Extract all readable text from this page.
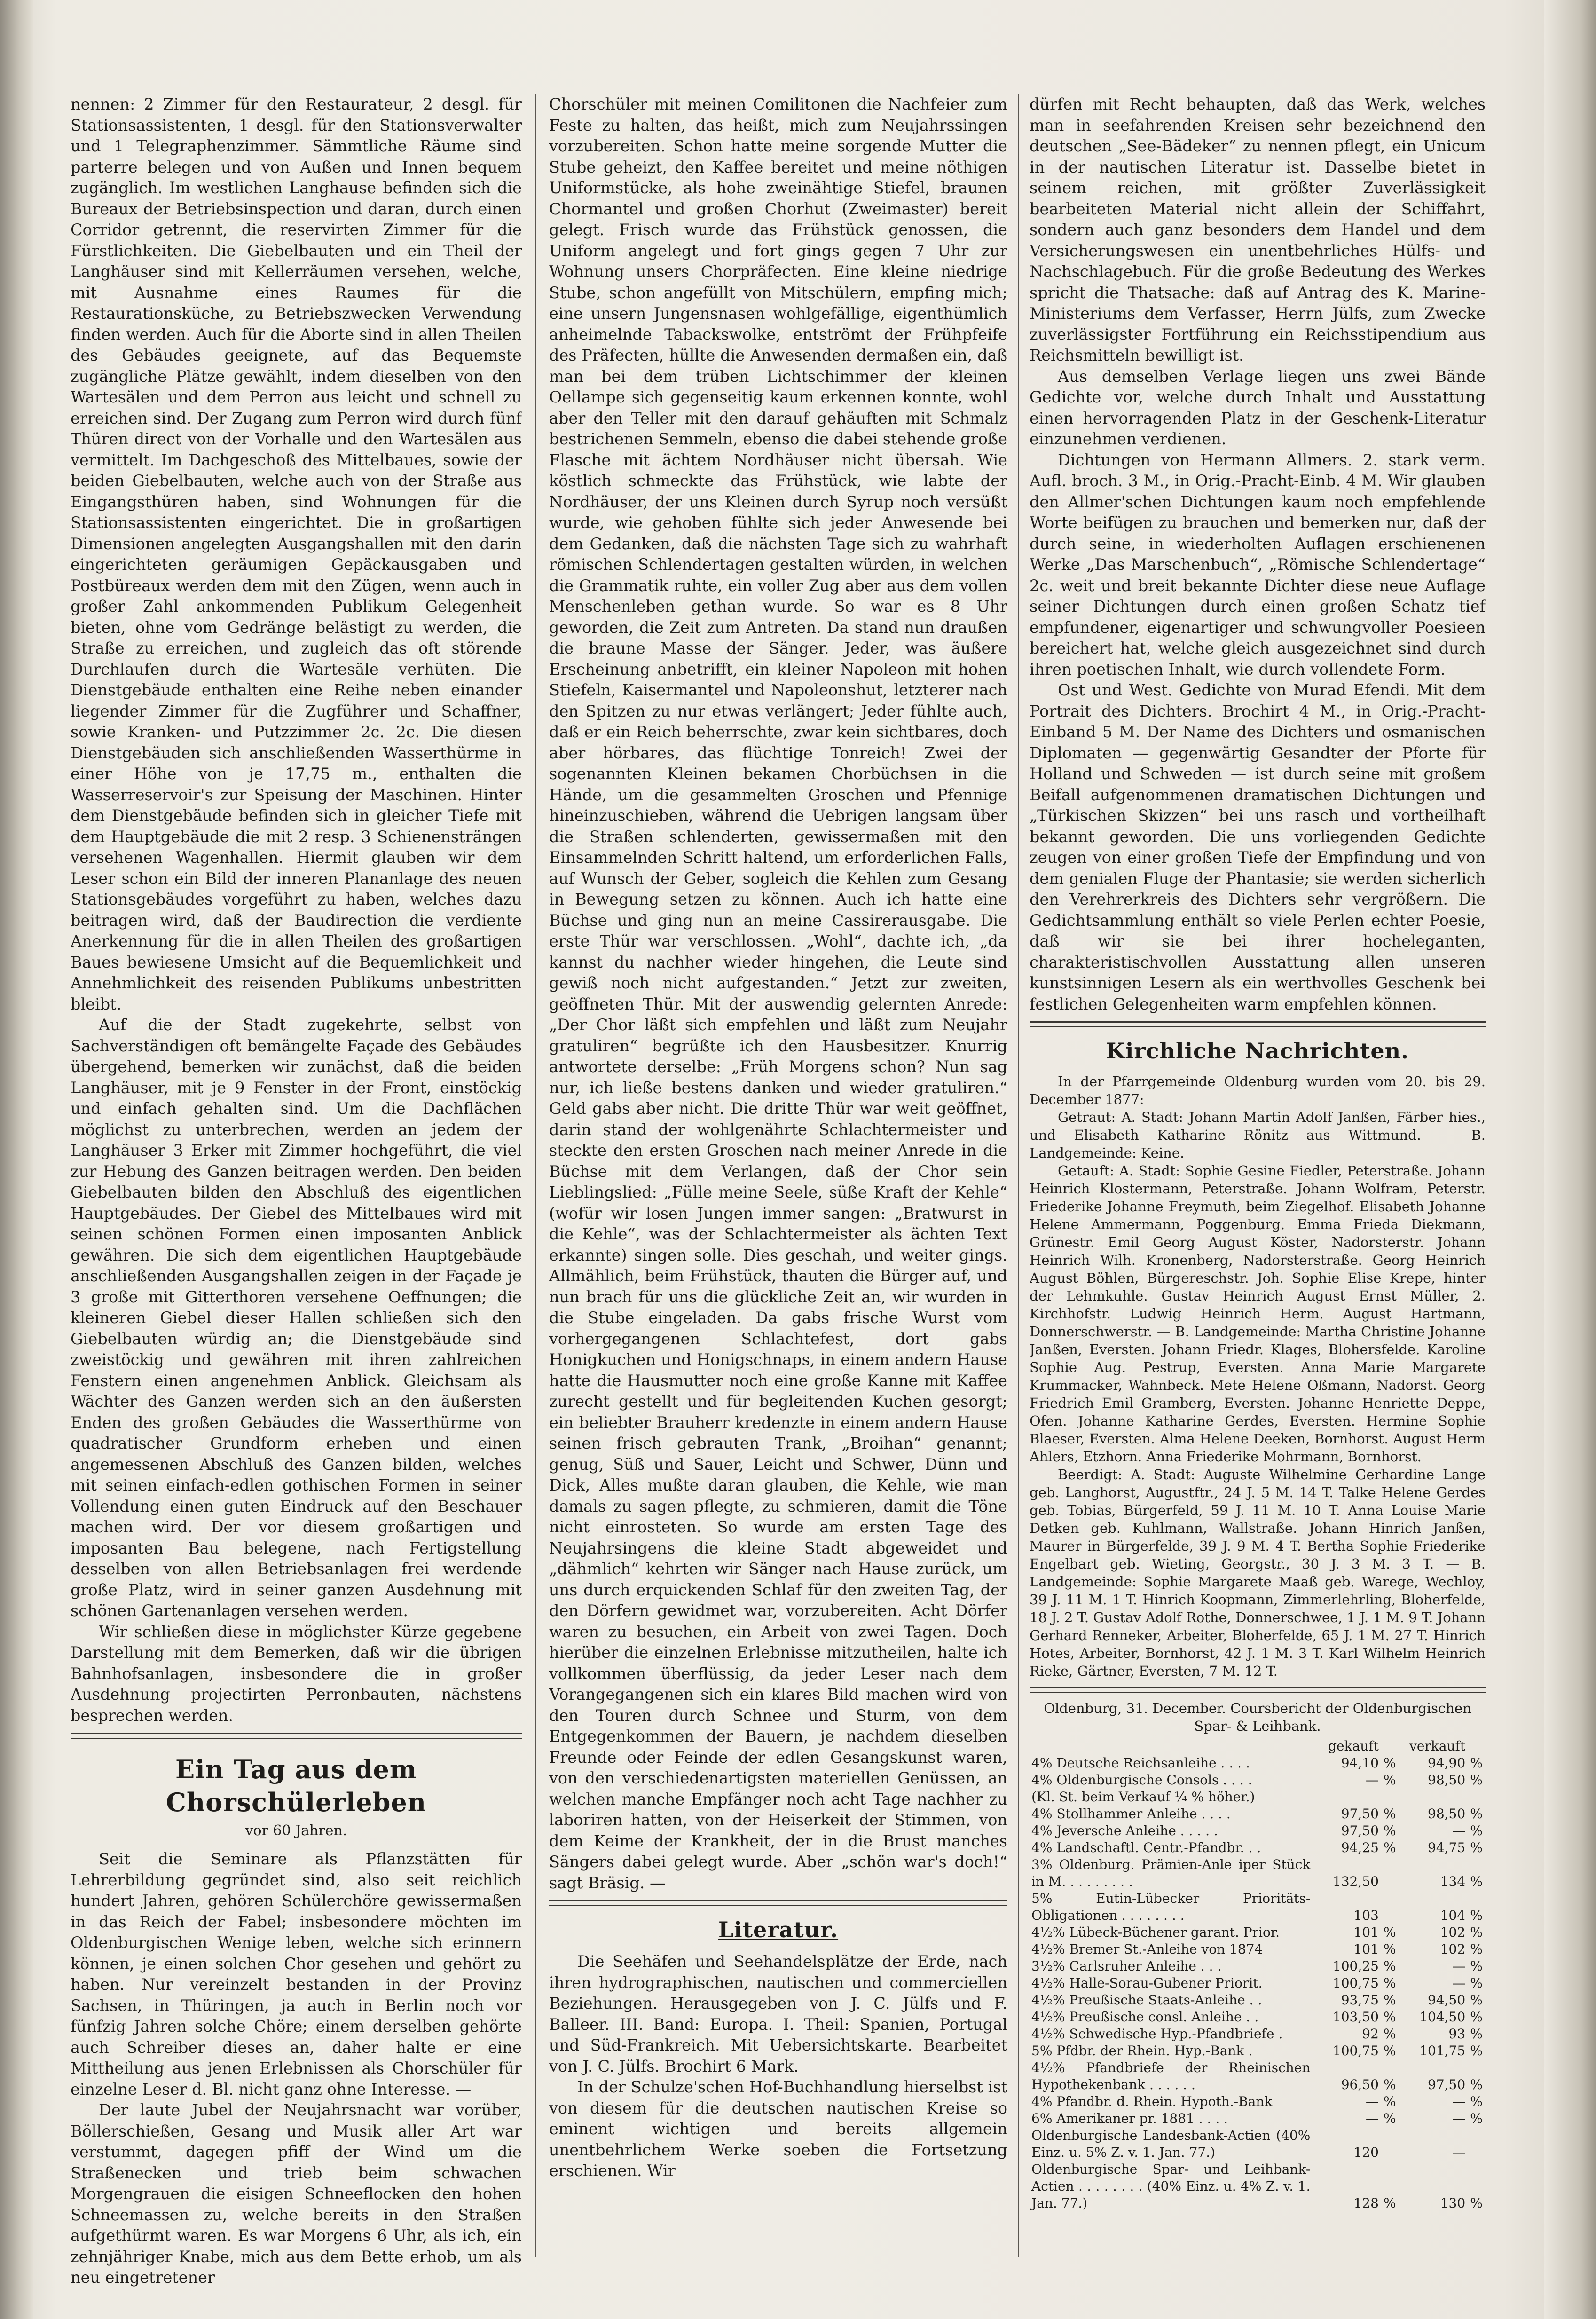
nennen: 2 Zimmer für den Restaurateur, 2 desgl. für Stationsassistenten, 1 desgl. für den Stationsverwalter und 1 Telegraphenzimmer. Sämmtliche Räume sind parterre belegen und von Außen und Innen bequem zugänglich. Im westlichen Langhause befinden sich die Bureaux der Betriebsinspection und daran, durch einen Corridor getrennt, die reservirten Zimmer für die Fürstlichkeiten. Die Giebelbauten und ein Theil der Langhäuser sind mit Kellerräumen versehen, welche, mit Ausnahme eines Raumes für die Restaurationsküche, zu Betriebszwecken Verwendung finden werden. Auch für die Aborte sind in allen Theilen des Gebäudes geeignete, auf das Bequemste zugängliche Plätze gewählt, indem dieselben von den Wartesälen und dem Perron aus leicht und schnell zu erreichen sind. Der Zugang zum Perron wird durch fünf Thüren direct von der Vorhalle und den Wartesälen aus vermittelt. Im Dachgeschoß des Mittelbaues, sowie der beiden Giebelbauten, welche auch von der Straße aus Eingangsthüren haben, sind Wohnungen für die Stationsassistenten eingerichtet. Die in großartigen Dimensionen angelegten Ausgangshallen mit den darin eingerichteten geräumigen Gepäckausgaben und Postbüreaux werden dem mit den Zügen, wenn auch in großer Zahl ankommenden Publikum Gelegenheit bieten, ohne vom Gedränge belästigt zu werden, die Straße zu erreichen, und zugleich das oft störende Durchlaufen durch die Wartesäle verhüten. Die Dienstgebäude enthalten eine Reihe neben einander liegender Zimmer für die Zugführer und Schaffner, sowie Kranken- und Putzzimmer 2c. 2c. Die diesen Dienstgebäuden sich anschließenden Wasserthürme in einer Höhe von je 17,75 m., enthalten die Wasserreservoir's zur Speisung der Maschinen. Hinter dem Dienstgebäude befinden sich in gleicher Tiefe mit dem Hauptgebäude die mit 2 resp. 3 Schienensträngen versehenen Wagenhallen. Hiermit glauben wir dem Leser schon ein Bild der inneren Plananlage des neuen Stationsgebäudes vorgeführt zu haben, welches dazu beitragen wird, daß der Baudirection die verdiente Anerkennung für die in allen Theilen des großartigen Baues bewiesene Umsicht auf die Bequemlichkeit und Annehmlichkeit des reisenden Publikums unbestritten bleibt.

Auf die der Stadt zugekehrte, selbst von Sachverständigen oft bemängelte Façade des Gebäudes übergehend, bemerken wir zunächst, daß die beiden Langhäuser, mit je 9 Fenster in der Front, einstöckig und einfach gehalten sind. Um die Dachflächen möglichst zu unterbrechen, werden an jedem der Langhäuser 3 Erker mit Zimmer hochgeführt, die viel zur Hebung des Ganzen beitragen werden. Den beiden Giebelbauten bilden den Abschluß des eigentlichen Hauptgebäudes. Der Giebel des Mittelbaues wird mit seinen schönen Formen einen imposanten Anblick gewähren. Die sich dem eigentlichen Hauptgebäude anschließenden Ausgangshallen zeigen in der Façade je 3 große mit Gitterthoren versehene Oeffnungen; die kleineren Giebel dieser Hallen schließen sich den Giebelbauten würdig an; die Dienstgebäude sind zweistöckig und gewähren mit ihren zahlreichen Fenstern einen angenehmen Anblick. Gleichsam als Wächter des Ganzen werden sich an den äußersten Enden des großen Gebäudes die Wasserthürme von quadratischer Grundform erheben und einen angemessenen Abschluß des Ganzen bilden, welches mit seinen einfach-edlen gothischen Formen in seiner Vollendung einen guten Eindruck auf den Beschauer machen wird. Der vor diesem großartigen und imposanten Bau belegene, nach Fertigstellung desselben von allen Betriebsanlagen frei werdende große Platz, wird in seiner ganzen Ausdehnung mit schönen Gartenanlagen versehen werden.

Wir schließen diese in möglichster Kürze gegebene Darstellung mit dem Bemerken, daß wir die übrigen Bahnhofsanlagen, insbesondere die in großer Ausdehnung projectirten Perronbauten, nächstens besprechen werden.

Ein Tag aus dem Chorschülerleben
vor 60 Jahren.

Seit die Seminare als Pflanzstätten für Lehrerbildung gegründet sind, also seit reichlich hundert Jahren, gehören Schülerchöre gewissermaßen in das Reich der Fabel; insbesondere möchten im Oldenburgischen Wenige leben, welche sich erinnern können, je einen solchen Chor gesehen und gehört zu haben. Nur vereinzelt bestanden in der Provinz Sachsen, in Thüringen, ja auch in Berlin noch vor fünfzig Jahren solche Chöre; einem derselben gehörte auch Schreiber dieses an, daher halte er eine Mittheilung aus jenen Erlebnissen als Chorschüler für einzelne Leser d. Bl. nicht ganz ohne Interesse. —

Der laute Jubel der Neujahrsnacht war vorüber, Böllerschießen, Gesang und Musik aller Art war verstummt, dagegen pfiff der Wind um die Straßenecken und trieb beim schwachen Morgengrauen die eisigen Schneeflocken den hohen Schneemassen zu, welche bereits in den Straßen aufgethürmt waren. Es war Morgens 6 Uhr, als ich, ein zehnjähriger Knabe, mich aus dem Bette erhob, um als neu eingetretener

Chorschüler mit meinen Comilitonen die Nachfeier zum Feste zu halten, das heißt, mich zum Neujahrssingen vorzubereiten. Schon hatte meine sorgende Mutter die Stube geheizt, den Kaffee bereitet und meine nöthigen Uniformstücke, als hohe zweinähtige Stiefel, braunen Chormantel und großen Chorhut (Zweimaster) bereit gelegt. Frisch wurde das Frühstück genossen, die Uniform angelegt und fort gings gegen 7 Uhr zur Wohnung unsers Chorpräfecten. Eine kleine niedrige Stube, schon angefüllt von Mitschülern, empfing mich; eine unsern Jungensnasen wohlgefällige, eigenthümlich anheimelnde Tabackswolke, entströmt der Frühpfeife des Präfecten, hüllte die Anwesenden dermaßen ein, daß man bei dem trüben Lichtschimmer der kleinen Oellampe sich gegenseitig kaum erkennen konnte, wohl aber den Teller mit den darauf gehäuften mit Schmalz bestrichenen Semmeln, ebenso die dabei stehende große Flasche mit ächtem Nordhäuser nicht übersah. Wie köstlich schmeckte das Frühstück, wie labte der Nordhäuser, der uns Kleinen durch Syrup noch versüßt wurde, wie gehoben fühlte sich jeder Anwesende bei dem Gedanken, daß die nächsten Tage sich zu wahrhaft römischen Schlendertagen gestalten würden, in welchen die Grammatik ruhte, ein voller Zug aber aus dem vollen Menschenleben gethan wurde. So war es 8 Uhr geworden, die Zeit zum Antreten. Da stand nun draußen die braune Masse der Sänger. Jeder, was äußere Erscheinung anbetrifft, ein kleiner Napoleon mit hohen Stiefeln, Kaisermantel und Napoleonshut, letzterer nach den Spitzen zu nur etwas verlängert; Jeder fühlte auch, daß er ein Reich beherrschte, zwar kein sichtbares, doch aber hörbares, das flüchtige Tonreich! Zwei der sogenannten Kleinen bekamen Chorbüchsen in die Hände, um die gesammelten Groschen und Pfennige hineinzuschieben, während die Uebrigen langsam über die Straßen schlenderten, gewissermaßen mit den Einsammelnden Schritt haltend, um erforderlichen Falls, auf Wunsch der Geber, sogleich die Kehlen zum Gesang in Bewegung setzen zu können. Auch ich hatte eine Büchse und ging nun an meine Cassirerausgabe. Die erste Thür war verschlossen. „Wohl“, dachte ich, „da kannst du nachher wieder hingehen, die Leute sind gewiß noch nicht aufgestanden.“ Jetzt zur zweiten, geöffneten Thür. Mit der auswendig gelernten Anrede: „Der Chor läßt sich empfehlen und läßt zum Neujahr gratuliren“ begrüßte ich den Hausbesitzer. Knurrig antwortete derselbe: „Früh Morgens schon? Nun sag nur, ich ließe bestens danken und wieder gratuliren.“ Geld gabs aber nicht. Die dritte Thür war weit geöffnet, darin stand der wohlgenährte Schlachtermeister und steckte den ersten Groschen nach meiner Anrede in die Büchse mit dem Verlangen, daß der Chor sein Lieblingslied: „Fülle meine Seele, süße Kraft der Kehle“ (wofür wir losen Jungen immer sangen: „Bratwurst in die Kehle“, was der Schlachtermeister als ächten Text erkannte) singen solle. Dies geschah, und weiter gings. Allmählich, beim Frühstück, thauten die Bürger auf, und nun brach für uns die glückliche Zeit an, wir wurden in die Stube eingeladen. Da gabs frische Wurst vom vorhergegangenen Schlachtefest, dort gabs Honigkuchen und Honigschnaps, in einem andern Hause hatte die Hausmutter noch eine große Kanne mit Kaffee zurecht gestellt und für begleitenden Kuchen gesorgt; ein beliebter Brauherr kredenzte in einem andern Hause seinen frisch gebrauten Trank, „Broihan“ genannt; genug, Süß und Sauer, Leicht und Schwer, Dünn und Dick, Alles mußte daran glauben, die Kehle, wie man damals zu sagen pflegte, zu schmieren, damit die Töne nicht einrosteten. So wurde am ersten Tage des Neujahrsingens die kleine Stadt abgeweidet und „dähmlich“ kehrten wir Sänger nach Hause zurück, um uns durch erquickenden Schlaf für den zweiten Tag, der den Dörfern gewidmet war, vorzubereiten. Acht Dörfer waren zu besuchen, ein Arbeit von zwei Tagen. Doch hierüber die einzelnen Erlebnisse mitzutheilen, halte ich vollkommen überflüssig, da jeder Leser nach dem Vorangegangenen sich ein klares Bild machen wird von den Touren durch Schnee und Sturm, von dem Entgegenkommen der Bauern, je nachdem dieselben Freunde oder Feinde der edlen Gesangskunst waren, von den verschiedenartigsten materiellen Genüssen, an welchen manche Empfänger noch acht Tage nachher zu laboriren hatten, von der Heiserkeit der Stimmen, von dem Keime der Krankheit, der in die Brust manches Sängers dabei gelegt wurde. Aber „schön war's doch!“ sagt Bräsig. —

Literatur.

Die Seehäfen und Seehandelsplätze der Erde, nach ihren hydrographischen, nautischen und commerciellen Beziehungen. Herausgegeben von J. C. Jülfs und F. Balleer. III. Band: Europa. I. Theil: Spanien, Portugal und Süd-Frankreich. Mit Uebersichtskarte. Bearbeitet von J. C. Jülfs. Brochirt 6 Mark.

In der Schulze'schen Hof-Buchhandlung hierselbst ist von diesem für die deutschen nautischen Kreise so eminent wichtigen und bereits allgemein unentbehrlichem Werke soeben die Fortsetzung erschienen. Wir

dürfen mit Recht behaupten, daß das Werk, welches man in seefahrenden Kreisen sehr bezeichnend den deutschen „See-Bädeker“ zu nennen pflegt, ein Unicum in der nautischen Literatur ist. Dasselbe bietet in seinem reichen, mit größter Zuverlässigkeit bearbeiteten Material nicht allein der Schiffahrt, sondern auch ganz besonders dem Handel und dem Versicherungswesen ein unentbehrliches Hülfs- und Nachschlagebuch. Für die große Bedeutung des Werkes spricht die Thatsache: daß auf Antrag des K. Marine-Ministeriums dem Verfasser, Herrn Jülfs, zum Zwecke zuverlässigster Fortführung ein Reichsstipendium aus Reichsmitteln bewilligt ist.

Aus demselben Verlage liegen uns zwei Bände Gedichte vor, welche durch Inhalt und Ausstattung einen hervorragenden Platz in der Geschenk-Literatur einzunehmen verdienen.

Dichtungen von Hermann Allmers. 2. stark verm. Aufl. broch. 3 M., in Orig.-Pracht-Einb. 4 M. Wir glauben den Allmer'schen Dichtungen kaum noch empfehlende Worte beifügen zu brauchen und bemerken nur, daß der durch seine, in wiederholten Auflagen erschienenen Werke „Das Marschenbuch“, „Römische Schlendertage“ 2c. weit und breit bekannte Dichter diese neue Auflage seiner Dichtungen durch einen großen Schatz tief empfundener, eigenartiger und schwungvoller Poesieen bereichert hat, welche gleich ausgezeichnet sind durch ihren poetischen Inhalt, wie durch vollendete Form.

Ost und West. Gedichte von Murad Efendi. Mit dem Portrait des Dichters. Brochirt 4 M., in Orig.-Pracht-Einband 5 M. Der Name des Dichters und osmanischen Diplomaten — gegenwärtig Gesandter der Pforte für Holland und Schweden — ist durch seine mit großem Beifall aufgenommenen dramatischen Dichtungen und „Türkischen Skizzen“ bei uns rasch und vortheilhaft bekannt geworden. Die uns vorliegenden Gedichte zeugen von einer großen Tiefe der Empfindung und von dem genialen Fluge der Phantasie; sie werden sicherlich den Verehrerkreis des Dichters sehr vergrößern. Die Gedichtsammlung enthält so viele Perlen echter Poesie, daß wir sie bei ihrer hocheleganten, charakteristischvollen Ausstattung allen unseren kunstsinnigen Lesern als ein werthvolles Geschenk bei festlichen Gelegenheiten warm empfehlen können.

Kirchliche Nachrichten.

In der Pfarrgemeinde Oldenburg wurden vom 20. bis 29. December 1877:

Getraut: A. Stadt: Johann Martin Adolf Janßen, Färber hies., und Elisabeth Katharine Rönitz aus Wittmund. — B. Landgemeinde: Keine.

Getauft: A. Stadt: Sophie Gesine Fiedler, Peterstraße. Johann Heinrich Klostermann, Peterstraße. Johann Wolfram, Peterstr. Friederike Johanne Freymuth, beim Ziegelhof. Elisabeth Johanne Helene Ammermann, Poggenburg. Emma Frieda Diekmann, Grünestr. Emil Georg August Köster, Nadorsterstr. Johann Heinrich Wilh. Kronenberg, Nadorsterstraße. Georg Heinrich August Böhlen, Bürgereschstr. Joh. Sophie Elise Krepe, hinter der Lehmkuhle. Gustav Heinrich August Ernst Müller, 2. Kirchhofstr. Ludwig Heinrich Herm. August Hartmann, Donnerschwerstr. — B. Landgemeinde: Martha Christine Johanne Janßen, Eversten. Johann Friedr. Klages, Blohersfelde. Karoline Sophie Aug. Pestrup, Eversten. Anna Marie Margarete Krummacker, Wahnbeck. Mete Helene Oßmann, Nadorst. Georg Friedrich Emil Gramberg, Eversten. Johanne Henriette Deppe, Ofen. Johanne Katharine Gerdes, Eversten. Hermine Sophie Blaeser, Eversten. Alma Helene Deeken, Bornhorst. August Herm Ahlers, Etzhorn. Anna Friederike Mohrmann, Bornhorst.

Beerdigt: A. Stadt: Auguste Wilhelmine Gerhardine Lange geb. Langhorst, Augustftr., 24 J. 5 M. 14 T. Talke Helene Gerdes geb. Tobias, Bürgerfeld, 59 J. 11 M. 10 T. Anna Louise Marie Detken geb. Kuhlmann, Wallstraße. Johann Hinrich Janßen, Maurer in Bürgerfelde, 39 J. 9 M. 4 T. Bertha Sophie Friederike Engelbart geb. Wieting, Georgstr., 30 J. 3 M. 3 T. — B. Landgemeinde: Sophie Margarete Maaß geb. Warege, Wechloy, 39 J. 11 M. 1 T. Hinrich Koopmann, Zimmerlehrling, Bloherfelde, 18 J. 2 T. Gustav Adolf Rothe, Donnerschwee, 1 J. 1 M. 9 T. Johann Gerhard Renneker, Arbeiter, Bloherfelde, 65 J. 1 M. 27 T. Hinrich Hotes, Arbeiter, Bornhorst, 42 J. 1 M. 3 T. Karl Wilhelm Heinrich Rieke, Gärtner, Eversten, 7 M. 12 T.

Oldenburg, 31. December. Coursbericht der Oldenburgischen Spar- & Leihbank.
	gekauft		verkauft	
4% Deutsche Reichsanleihe . . . .	94,10	%	94,90	%
4% Oldenburgische Consols . . . .	—	%	98,50	%
(Kl. St. beim Verkauf ¼ % höher.)				
4% Stollhammer Anleihe . . . .	97,50	%	98,50	%
4% Jeversche Anleihe . . . . .	97,50	%	—	%
4% Landschaftl. Centr.-Pfandbr. . .	94,25	%	94,75	%
3% Oldenburg. Prämien-Anle iper Stück in M. . . . . . . . .	132,50		134	%
5% Eutin-Lübecker Prioritäts-Obligationen . . . . . . . .	103		104	%
4½% Lübeck-Büchener garant. Prior.	101	%	102	%
4½% Bremer St.-Anleihe von 1874	101	%	102	%
3½% Carlsruher Anleihe . . .	100,25	%	—	%
4½% Halle-Sorau-Gubener Priorit.	100,75	%	—	%
4½% Preußische Staats-Anleihe . .	93,75	%	94,50	%
4½% Preußische consl. Anleihe . .	103,50	%	104,50	%
4½% Schwedische Hyp.-Pfandbriefe .	92	%	93	%
5% Pfdbr. der Rhein. Hyp.-Bank .	100,75	%	101,75	%
4½% Pfandbriefe der Rheinischen Hypothekenbank . . . . . .	96,50	%	97,50	%
4% Pfandbr. d. Rhein. Hypoth.-Bank	—	%	—	%
6% Amerikaner pr. 1881 . . . .	—	%	—	%
Oldenburgische Landesbank-Actien (40% Einz. u. 5% Z. v. 1. Jan. 77.)	120		—	
Oldenburgische Spar- und Leihbank-Actien . . . . . . . . (40% Einz. u. 4% Z. v. 1. Jan. 77.)	128	%	130	%
